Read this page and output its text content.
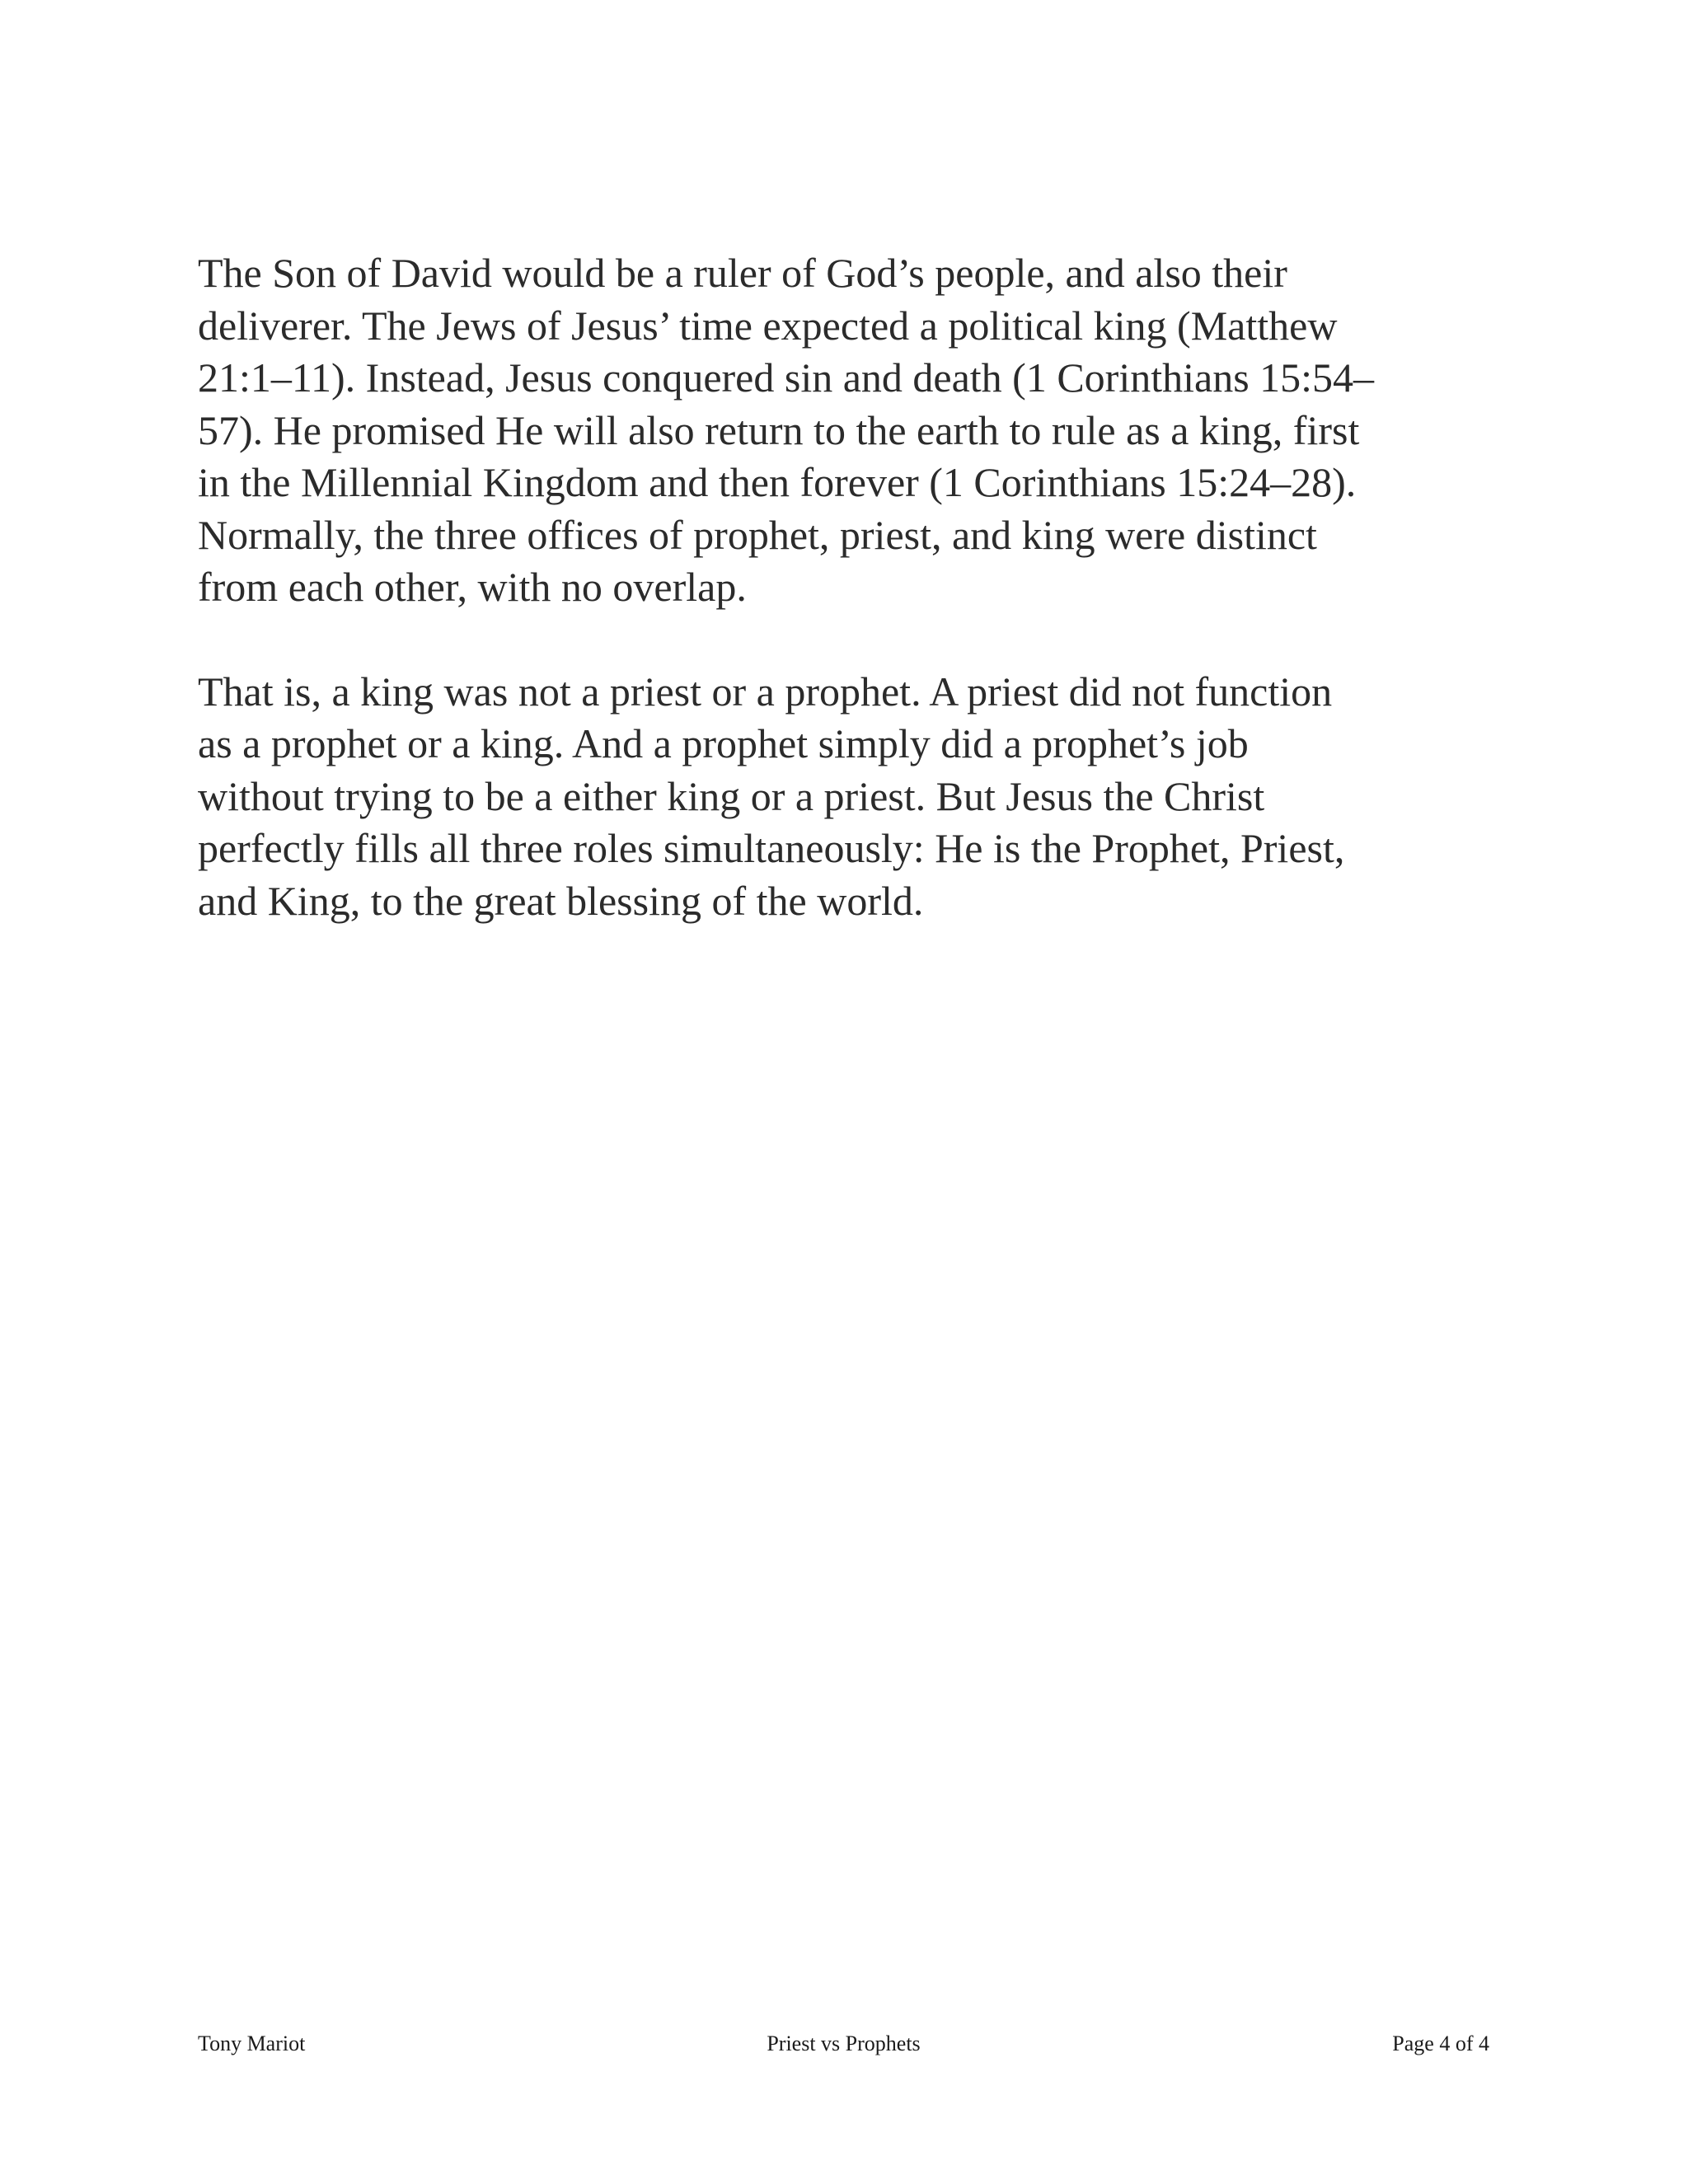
The Son of David would be a ruler of God’s people, and also their
deliverer. The Jews of Jesus’ time expected a political king (Matthew
21:1–11). Instead, Jesus conquered sin and death (1 Corinthians 15:54–
57). He promised He will also return to the earth to rule as a king, first
in the Millennial Kingdom and then forever (1 Corinthians 15:24–28).
Normally, the three offices of prophet, priest, and king were distinct
from each other, with no overlap.

That is, a king was not a priest or a prophet. A priest did not function
as a prophet or a king. And a prophet simply did a prophet’s job
without trying to be a either king or a priest. But Jesus the Christ
perfectly fills all three roles simultaneously: He is the Prophet, Priest,
and King, to the great blessing of the world.

Tony Mariot	Priest vs Prophets	Page 4 of 4
